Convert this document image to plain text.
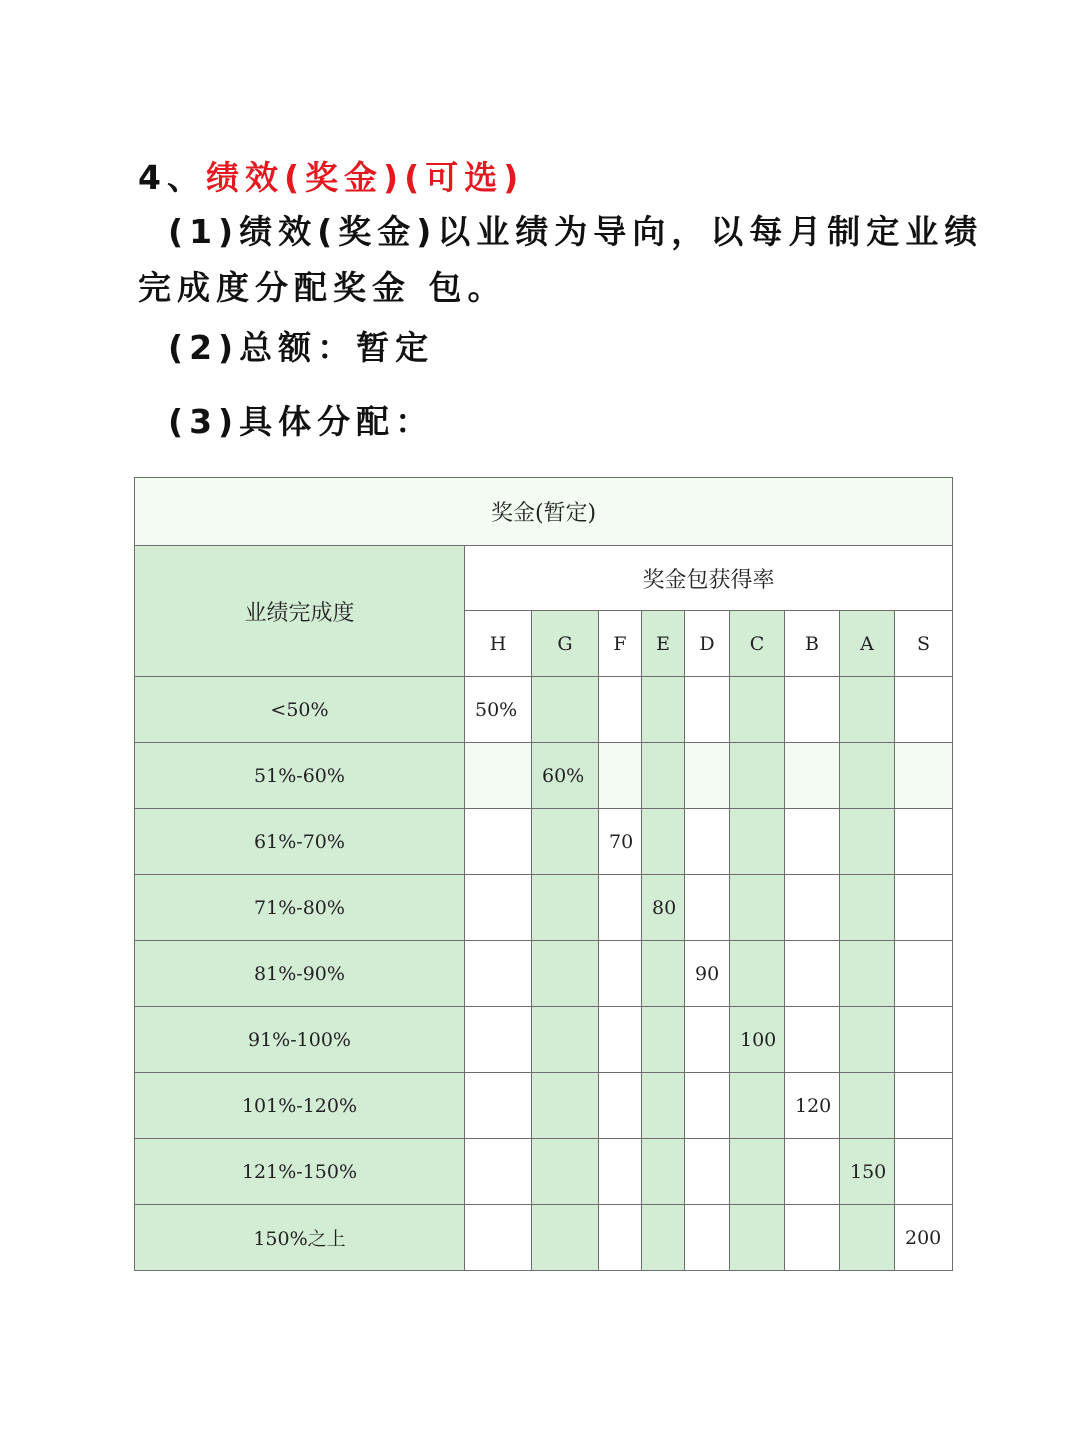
4、绩效(奖金)(可选)
(1)绩效(奖金)以业绩为导向，以每月制定业绩
完成度分配奖金 包。
(2)总额：暂定
(3)具体分配：
奖金(暂定)									
业绩完成度	奖金包获得率								
	H	G	F	E	D	C	B	A	S
<50%	50%								
51%-60%		60%							
61%-70%			70						
71%-80%				80					
81%-90%					90				
91%-100%						100			
101%-120%							120		
121%-150%								150	
150%之上									200
